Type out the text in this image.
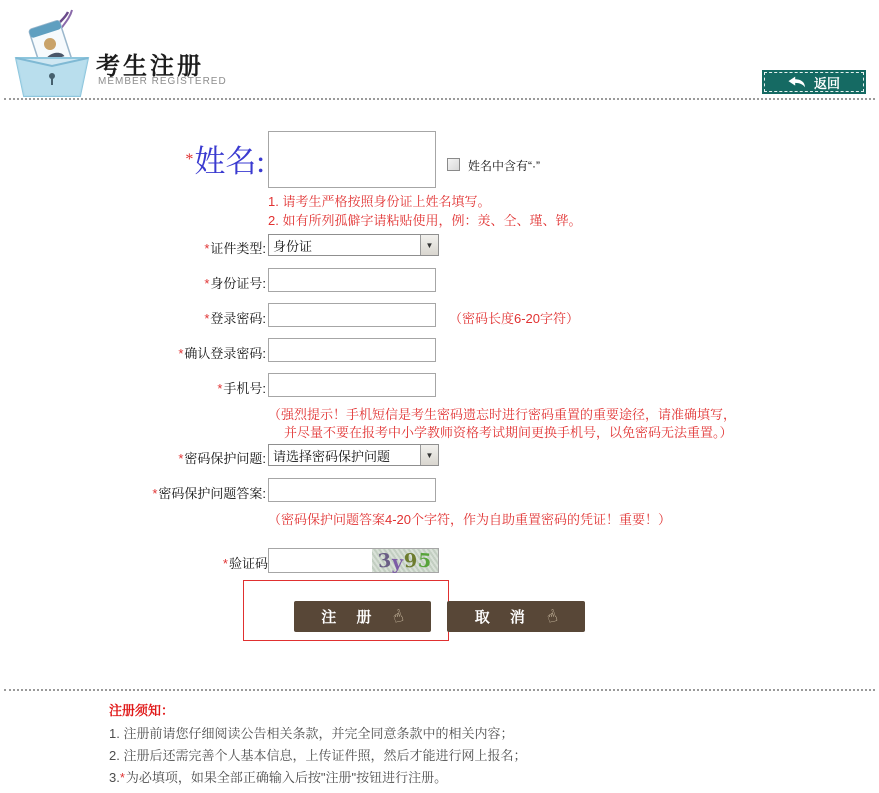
考生注册
MEMBER REGISTERED	返回
*姓名:	姓名中含有“·”
1. 请考生严格按照身份证上姓名填写。
2. 如有所列孤僻字请粘贴使用，例：羙、仝、瑾、铧。
*证件类型: 身份证	▼
*身份证号:
*登录密码:	（密码长度6-20字符）
*确认登录密码:
*手机号:
（强烈提示！手机短信是考生密码遗忘时进行密码重置的重要途径，请准确填写，
并尽量不要在报考中小学教师资格考试期间更换手机号，以免密码无法重置。）
*密码保护问题: 请选择密码保护问题	▼
*密码保护问题答案:
（密码保护问题答案4-20个字符，作为自助重置密码的凭证！重要！）
*验证码	3
y
9
5
注 册 ☝	取 消 ☝
注册须知：
1. 注册前请您仔细阅读公告相关条款，并完全同意条款中的相关内容；
2. 注册后还需完善个人基本信息，上传证件照，然后才能进行网上报名；
3.*为必填项，如果全部正确输入后按"注册"按钮进行注册。
